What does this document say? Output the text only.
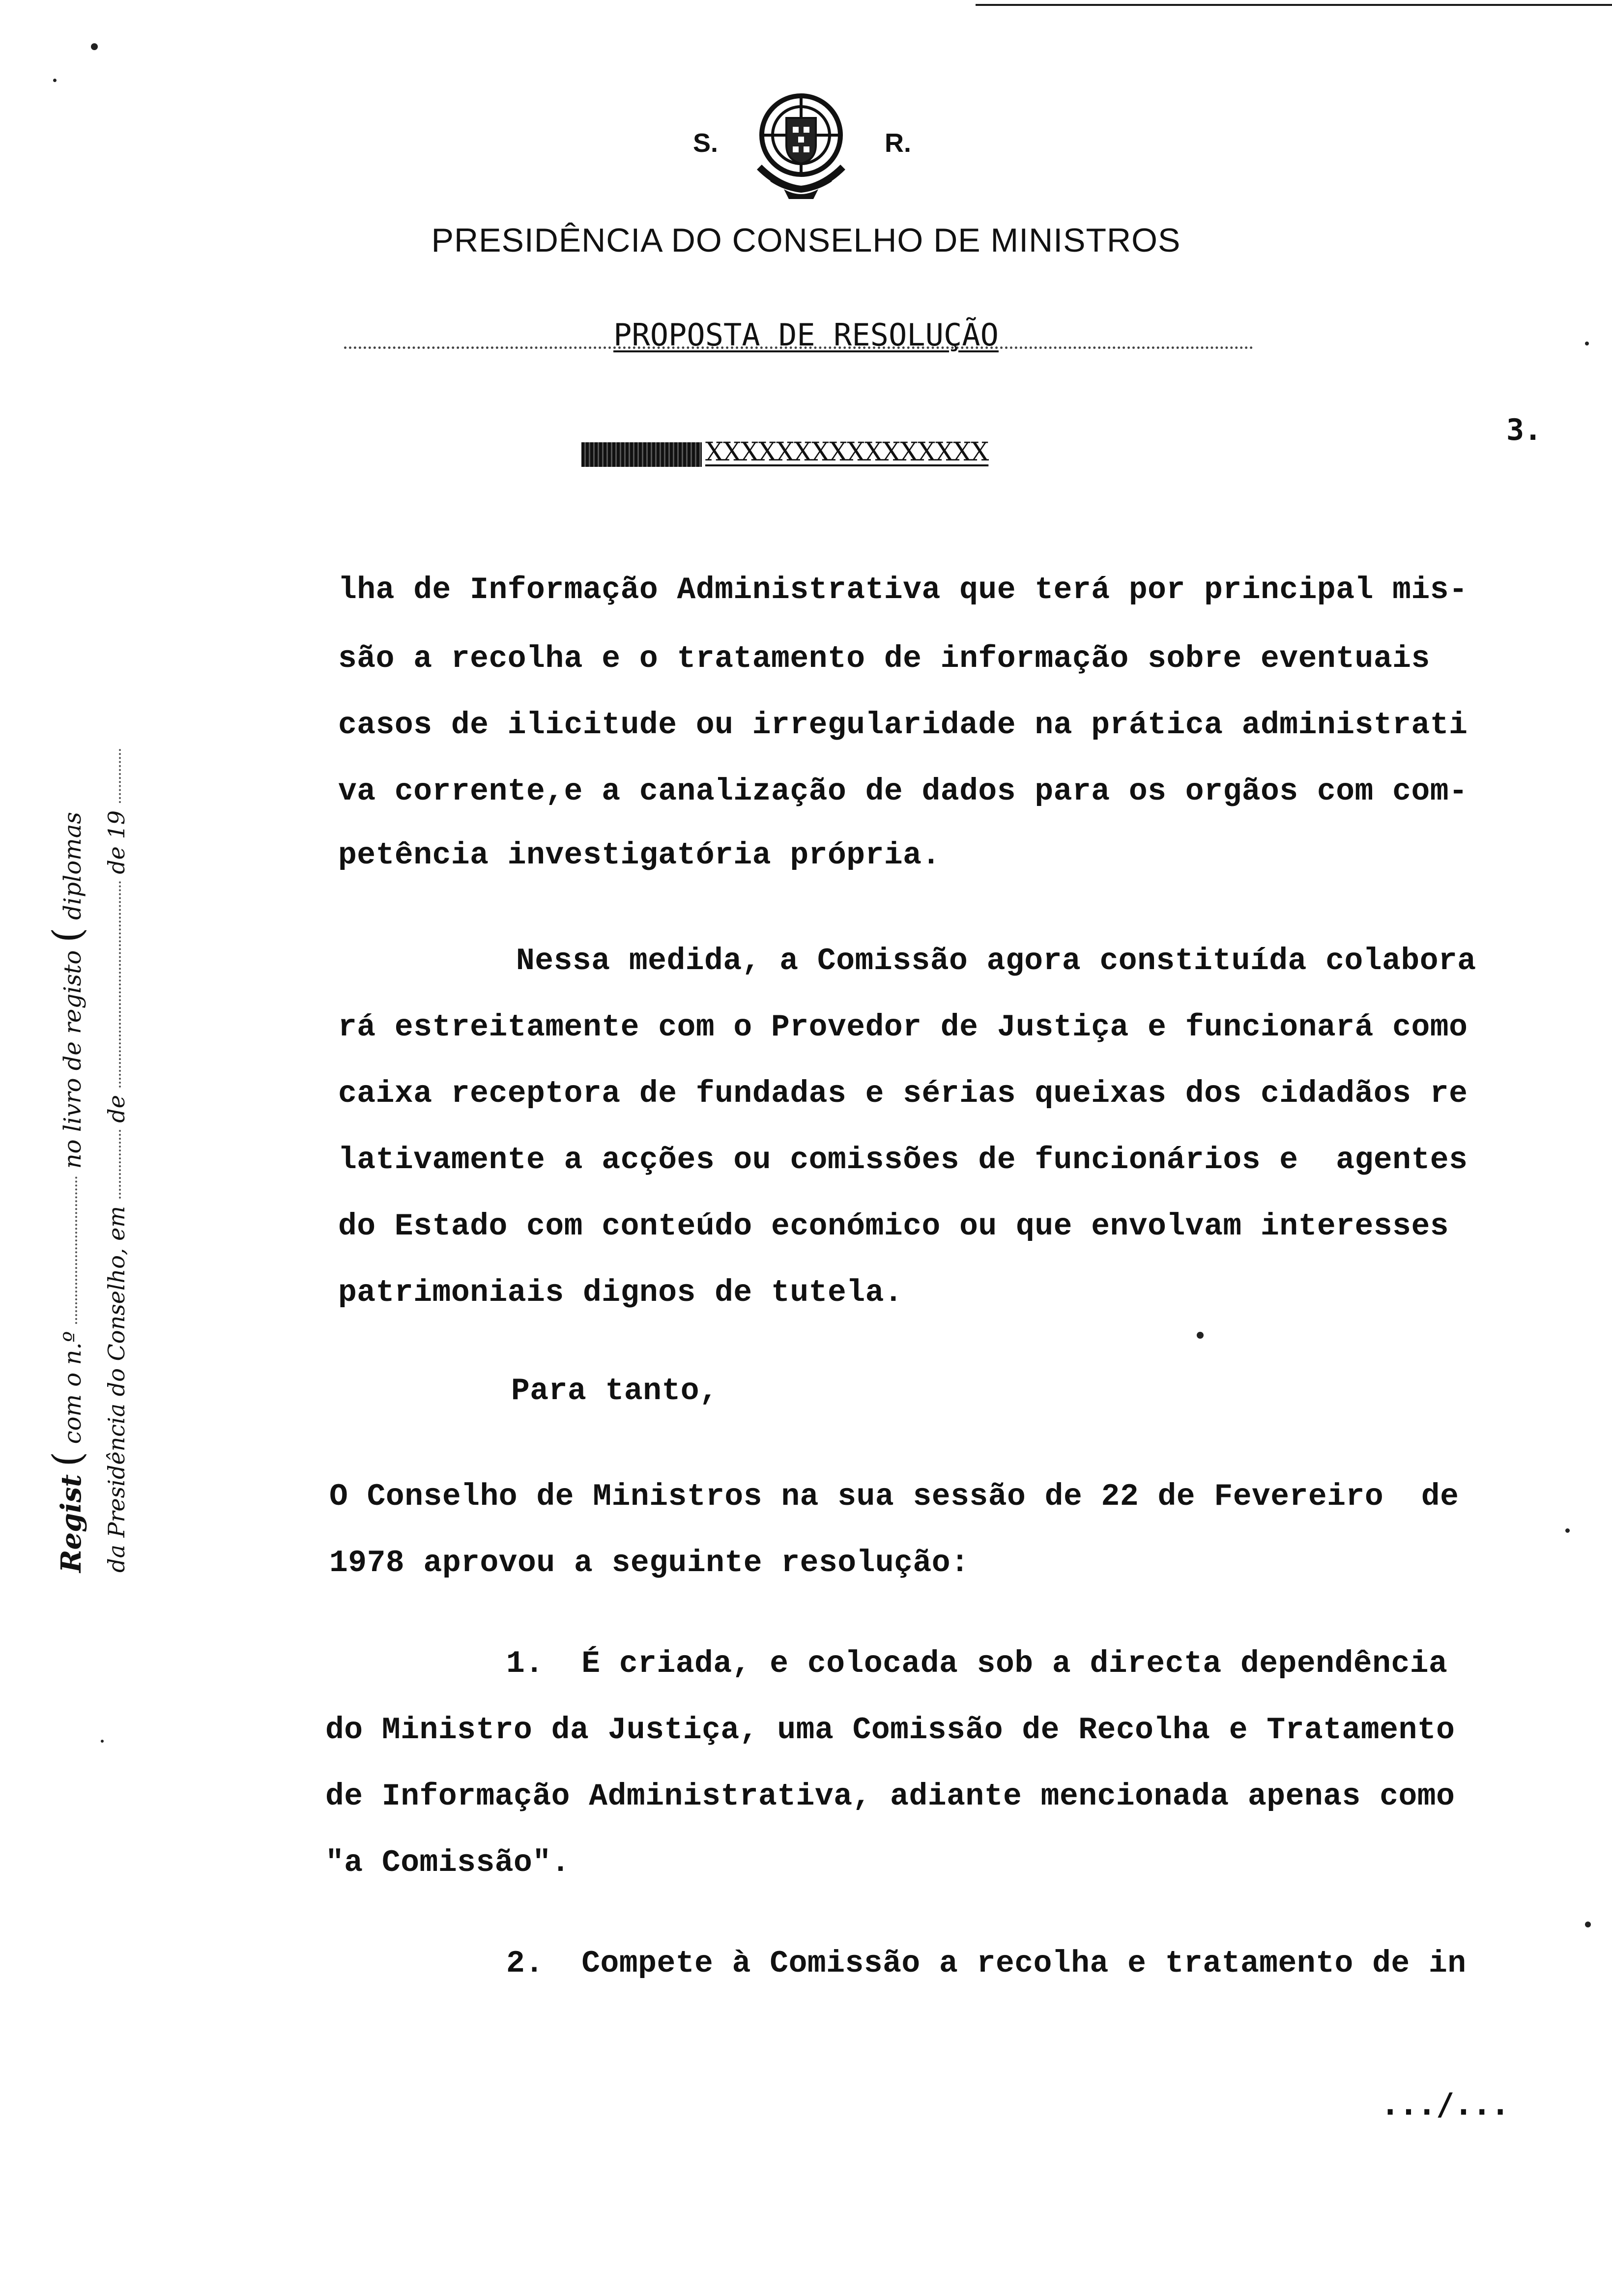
S.	R.
PRESIDÊNCIA DO CONSELHO DE MINISTROS
PROPOSTA DE RESOLUÇÃO
XXXXXXXXXXXXXXXX
3.
Regist ( com o n.º  no livro de registo ( diplomas
da Presidência do Conselho, em  de  de 19
lha de Informação Administrativa que terá por principal mis-
são a recolha e o tratamento de informação sobre eventuais
casos de ilicitude ou irregularidade na prática administrati
va corrente,e a canalização de dados para os orgãos com com-
petência investigatória própria.
Nessa medida, a Comissão agora constituída colabora
rá estreitamente com o Provedor de Justiça e funcionará como
caixa receptora de fundadas e sérias queixas dos cidadãos re
lativamente a acções ou comissões de funcionários e  agentes
do Estado com conteúdo económico ou que envolvam interesses
patrimoniais dignos de tutela.
Para tanto,
O Conselho de Ministros na sua sessão de 22 de Fevereiro  de
1978 aprovou a seguinte resolução:
1.  É criada, e colocada sob a directa dependência
do Ministro da Justiça, uma Comissão de Recolha e Tratamento
de Informação Administrativa, adiante mencionada apenas como
"a Comissão".
2.  Compete à Comissão a recolha e tratamento de in
.../...
